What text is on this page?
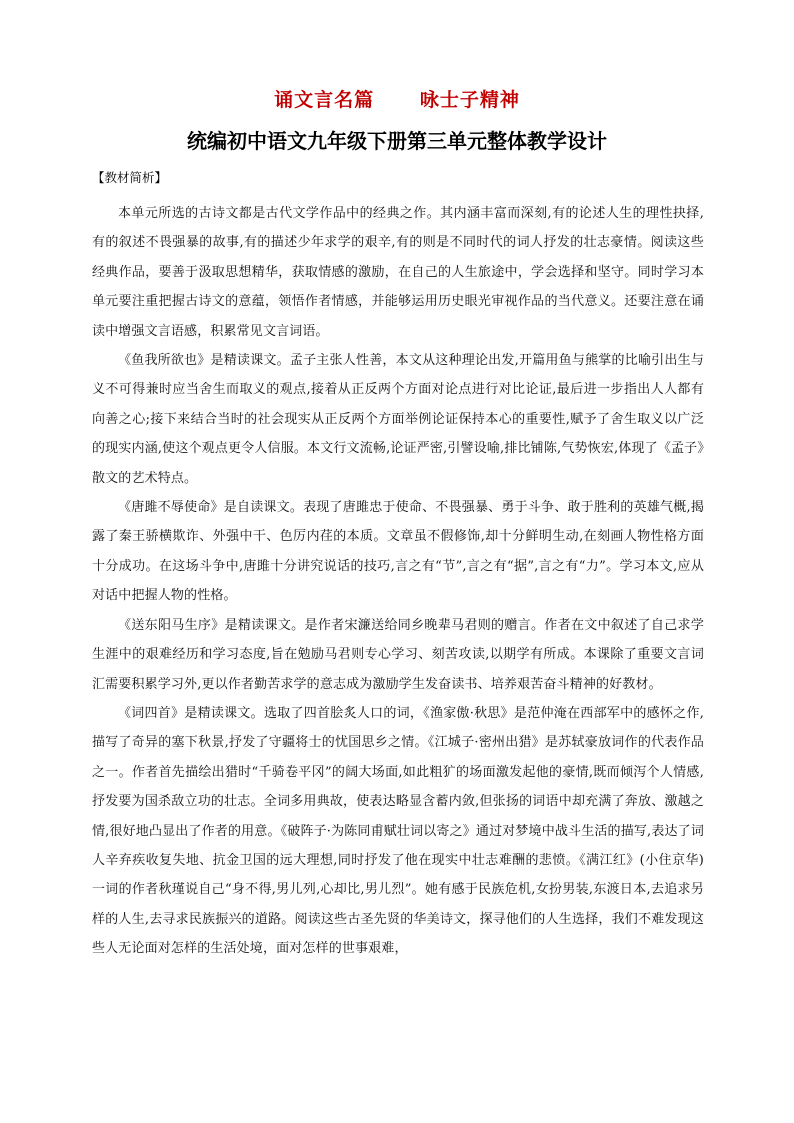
诵文言名篇      咏士子精神
统编初中语文九年级下册第三单元整体教学设计
【教材简析】

本单元所选的古诗文都是古代文学作品中的经典之作。其内涵丰富而深刻,有的论述人生的理性抉择,有的叙述不畏强暴的故事,有的描述少年求学的艰辛,有的则是不同时代的词人抒发的壮志豪情。阅读这些经典作品，要善于汲取思想精华，获取情感的激励，在自己的人生旅途中，学会选择和坚守。同时学习本单元要注重把握古诗文的意蕴，领悟作者情感，并能够运用历史眼光审视作品的当代意义。还要注意在诵读中增强文言语感，积累常见文言词语。

《鱼我所欲也》是精读课文。孟子主张人性善，本文从这种理论出发,开篇用鱼与熊掌的比喻引出生与义不可得兼时应当舍生而取义的观点,接着从正反两个方面对论点进行对比论证,最后进一步指出人人都有向善之心;接下来结合当时的社会现实从正反两个方面举例论证保持本心的重要性,赋予了舍生取义以广泛的现实内涵,使这个观点更令人信服。本文行文流畅,论证严密,引譬设喻,排比铺陈,气势恢宏,体现了《孟子》散文的艺术特点。

《唐雎不辱使命》是自读课文。表现了唐雎忠于使命、不畏强暴、勇于斗争、敢于胜利的英雄气概,揭露了秦王骄横欺诈、外强中干、色厉内荏的本质。文章虽不假修饰,却十分鲜明生动,在刻画人物性格方面十分成功。在这场斗争中,唐雎十分讲究说话的技巧,言之有“节”,言之有“据”,言之有“力”。学习本文,应从对话中把握人物的性格。

《送东阳马生序》是精读课文。是作者宋濂送给同乡晚辈马君则的赠言。作者在文中叙述了自己求学生涯中的艰难经历和学习态度,旨在勉励马君则专心学习、刻苦攻读,以期学有所成。本课除了重要文言词汇需要积累学习外,更以作者勤苦求学的意志成为激励学生发奋读书、培养艰苦奋斗精神的好教材。

《词四首》是精读课文。选取了四首脍炙人口的词，《渔家傲·秋思》是范仲淹在西部军中的感怀之作,描写了奇异的塞下秋景,抒发了守疆将士的忧国思乡之情。《江城子·密州出猎》是苏轼豪放词作的代表作品之一。作者首先描绘出猎时“千骑卷平冈”的阔大场面,如此粗犷的场面激发起他的豪情,既而倾泻个人情感,抒发要为国杀敌立功的壮志。全词多用典故，使表达略显含蓄内敛,但张扬的词语中却充满了奔放、激越之情,很好地凸显出了作者的用意。《破阵子·为陈同甫赋壮词以寄之》通过对梦境中战斗生活的描写,表达了词人辛弃疾收复失地、抗金卫国的远大理想,同时抒发了他在现实中壮志难酬的悲愤。《满江红》(小住京华)一词的作者秋瑾说自己“身不得,男儿列,心却比,男儿烈”。她有感于民族危机,女扮男装,东渡日本,去追求另样的人生,去寻求民族振兴的道路。阅读这些古圣先贤的华美诗文，探寻他们的人生选择，我们不难发现这些人无论面对怎样的生活处境，面对怎样的世事艰难，
